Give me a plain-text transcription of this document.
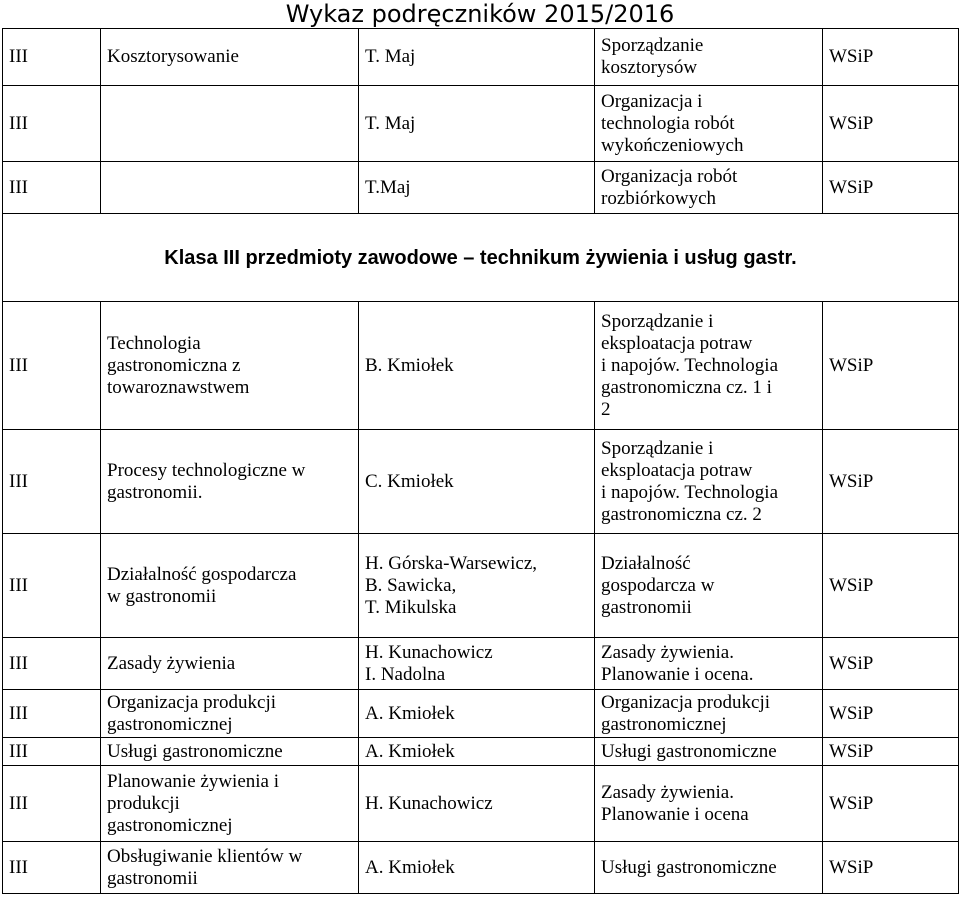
Wykaz podręczników 2015/2016
III	Kosztorysowanie	T. Maj	Sporządzanie
kosztorysów	WSiP
III		T. Maj	Organizacja i
technologia robót
wykończeniowych	WSiP
III		T.Maj	Organizacja robót
rozbiórkowych	WSiP
Klasa III przedmioty zawodowe – technikum żywienia i usług gastr.				
III	Technologia
gastronomiczna z
towaroznawstwem	B. Kmiołek	Sporządzanie i
eksploatacja potraw
i napojów. Technologia
gastronomiczna cz. 1 i
2	WSiP
III	Procesy technologiczne w
gastronomii.	C. Kmiołek	Sporządzanie i
eksploatacja potraw
i napojów. Technologia
gastronomiczna cz. 2	WSiP
III	Działalność gospodarcza
w gastronomii	H. Górska-Warsewicz,
B. Sawicka,
T. Mikulska	Działalność
gospodarcza w
gastronomii	WSiP
III	Zasady żywienia	H. Kunachowicz
I. Nadolna	Zasady żywienia.
Planowanie i ocena.	WSiP
III	Organizacja produkcji
gastronomicznej	A. Kmiołek	Organizacja produkcji
gastronomicznej	WSiP
III	Usługi gastronomiczne	A. Kmiołek	Usługi gastronomiczne	WSiP
III	Planowanie żywienia i
produkcji
gastronomicznej	H. Kunachowicz	Zasady żywienia.
Planowanie i ocena	WSiP
III	Obsługiwanie klientów w
gastronomii	A. Kmiołek	Usługi gastronomiczne	WSiP
